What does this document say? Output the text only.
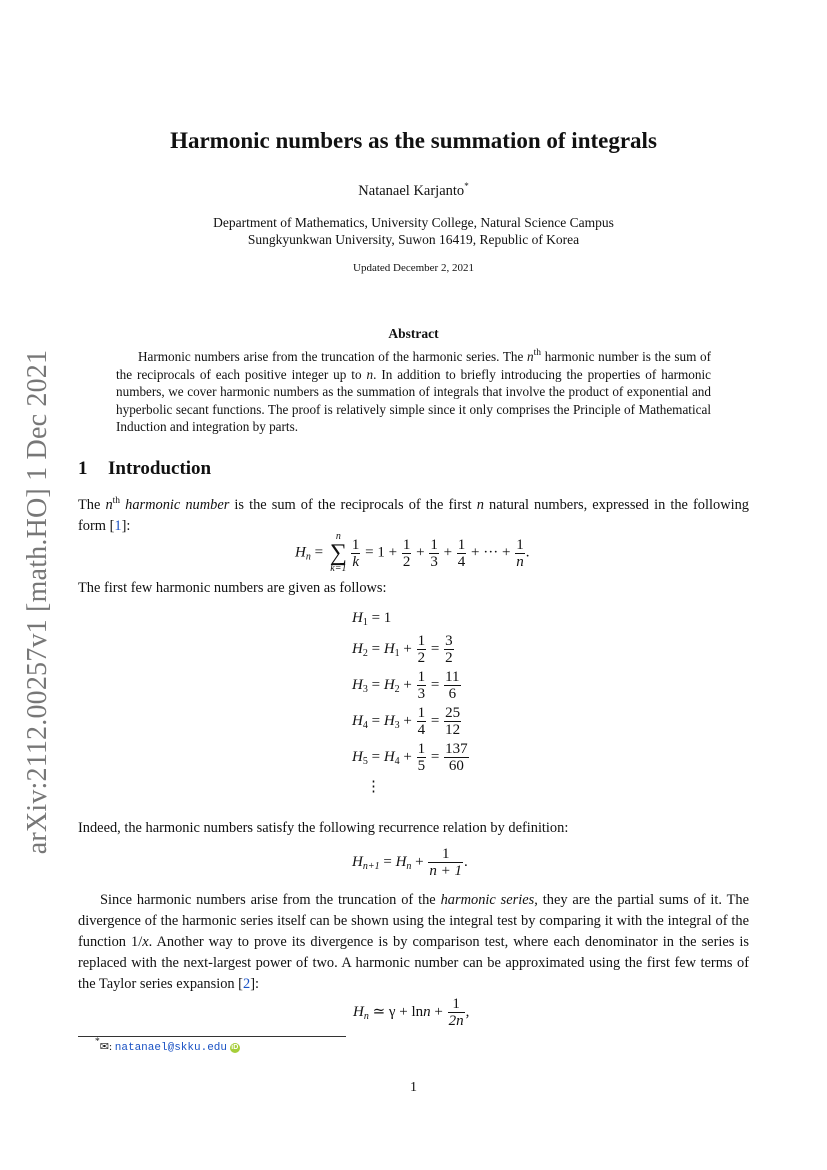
arXiv:2112.00257v1 [math.HO] 1 Dec 2021
Harmonic numbers as the summation of integrals
Natanael Karjanto*
Department of Mathematics, University College, Natural Science Campus
Sungkyunkwan University, Suwon 16419, Republic of Korea
Updated December 2, 2021
Abstract
Harmonic numbers arise from the truncation of the harmonic series. The $n^{th}$ harmonic number is the sum of the reciprocals of each positive integer up to n. In addition to briefly introducing the properties of harmonic numbers, we cover harmonic numbers as the summation of integrals that involve the product of exponential and hyperbolic secant functions. The proof is relatively simple since it only comprises the Principle of Mathematical Induction and integration by parts.
1 Introduction
The $n^{th}$ harmonic number is the sum of the reciprocals of the first n natural numbers, expressed in the following form [1]:
$H_n$ =
n
∑
$k=1 \frac{1}{k} = 1 + \frac{1}{2} + \frac{1}{3} + \frac{1}{4}$ + ··· + $\frac{1}{n}$ .
The first few harmonic numbers are given as follows:
$H_1 = 1$
$H_2 = H_1 + \frac{1}{2} = \frac{3}{2}$
$H_3 = H_2 + \frac{1}{3} = \frac{11}{6}$
$H_4 = H_3 + \frac{1}{4} = \frac{25}{12}$
$H_5 = H_4 + \frac{1}{5} = \frac{137}{60}$
⋮
Indeed, the harmonic numbers satisfy the following recurrence relation by definition:
$H_{n+1} = H_n + \frac{1}{n + 1}$ .
Since harmonic numbers arise from the truncation of the harmonic series, they are the partial sums of it. The divergence of the harmonic series itself can be shown using the integral test by comparing it with the integral of the function 1/x. Another way to prove its divergence is by comparison test, where each denominator in the series is replaced with the next-largest power of two. A harmonic number can be approximated using the first few terms of the Taylor series expansion [2]:
$H_n$ ≃ $\gamma + \ln n + \frac{1}{2n}$ ,
*✉: natanael@skku.edu iD
1
